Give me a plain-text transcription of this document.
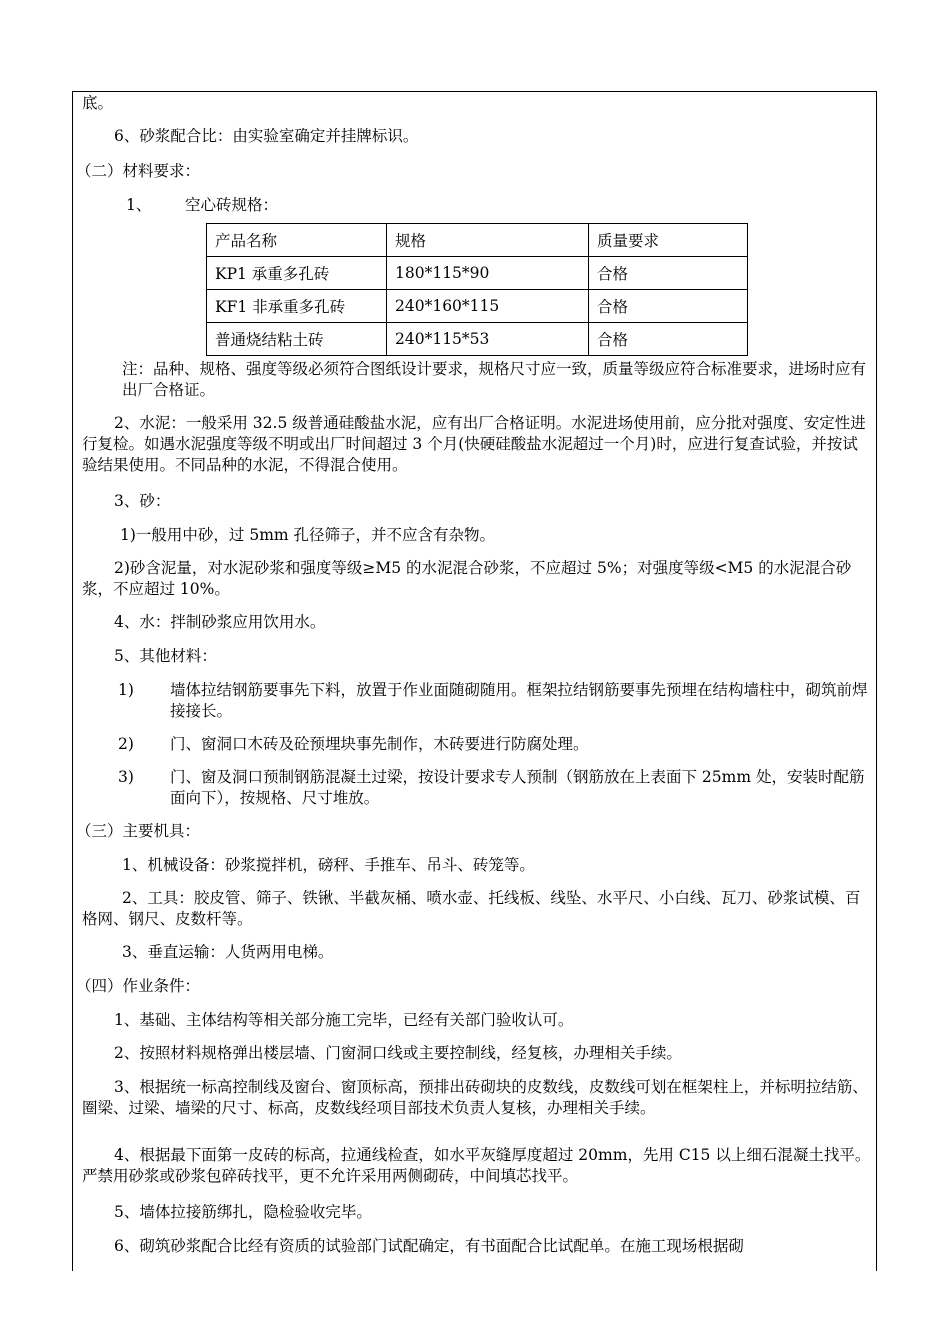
底。
6、砂浆配合比：由实验室确定并挂牌标识。
（二）材料要求：
1、 空心砖规格：
产品名称	规格	质量要求
KP1 承重多孔砖	180*115*90	合格
KF1 非承重多孔砖	240*160*115	合格
普通烧结粘土砖	240*115*53	合格
注：品种、规格、强度等级必须符合图纸设计要求，规格尺寸应一致，质量等级应符合标准要求，进场时应有出厂合格证。
2、水泥：一般采用 32.5 级普通硅酸盐水泥，应有出厂合格证明。水泥进场使用前，应分批对强度、安定性进行复检。如遇水泥强度等级不明或出厂时间超过 3 个月(快硬硅酸盐水泥超过一个月)时，应进行复查试验，并按试验结果使用。不同品种的水泥，不得混合使用。
3、砂：
1)一般用中砂，过 5mm 孔径筛子，并不应含有杂物。
2)砂含泥量，对水泥砂浆和强度等级≥M5 的水泥混合砂浆，不应超过 5%；对强度等级<M5 的水泥混合砂浆，不应超过 10%。
4、水：拌制砂浆应用饮用水。
5、其他材料：
1) 墙体拉结钢筋要事先下料，放置于作业面随砌随用。框架拉结钢筋要事先预埋在结构墙柱中，砌筑前焊接接长。
2) 门、窗洞口木砖及砼预埋块事先制作，木砖要进行防腐处理。
3) 门、窗及洞口预制钢筋混凝土过梁，按设计要求专人预制（钢筋放在上表面下 25mm 处，安装时配筋面向下），按规格、尺寸堆放。
（三）主要机具：
1、机械设备：砂浆搅拌机，磅秤、手推车、吊斗、砖笼等。
2、工具：胶皮管、筛子、铁锹、半截灰桶、喷水壶、托线板、线坠、水平尺、小白线、瓦刀、砂浆试模、百格网、钢尺、皮数杆等。
3、垂直运输：人货两用电梯。
（四）作业条件：
1、基础、主体结构等相关部分施工完毕，已经有关部门验收认可。
2、按照材料规格弹出楼层墙、门窗洞口线或主要控制线，经复核，办理相关手续。
3、根据统一标高控制线及窗台、窗顶标高，预排出砖砌块的皮数线，皮数线可划在框架柱上，并标明拉结筋、圈梁、过梁、墙梁的尺寸、标高，皮数线经项目部技术负责人复核，办理相关手续。
4、根据最下面第一皮砖的标高，拉通线检查，如水平灰缝厚度超过 20mm，先用 C15 以上细石混凝土找平。严禁用砂浆或砂浆包碎砖找平，更不允许采用两侧砌砖，中间填芯找平。
5、墙体拉接筋绑扎，隐检验收完毕。
6、砌筑砂浆配合比经有资质的试验部门试配确定，有书面配合比试配单。在施工现场根据砌
